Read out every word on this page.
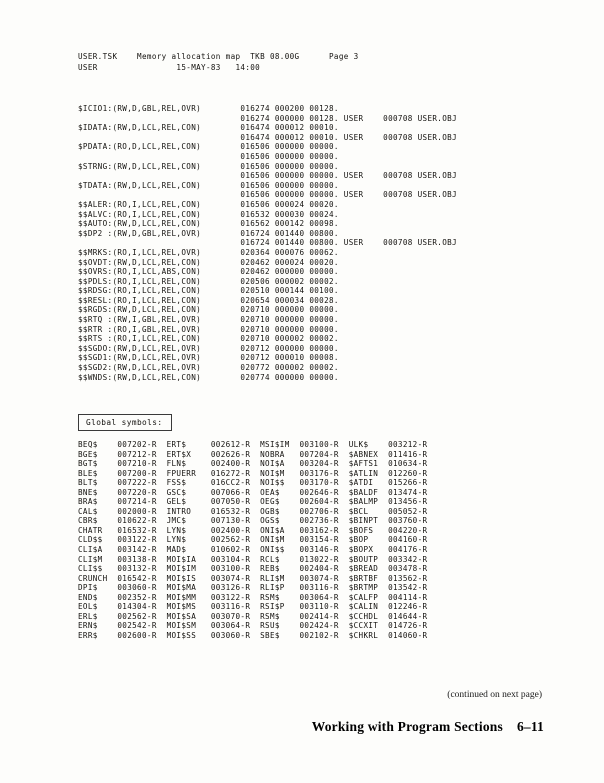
USER.TSK    Memory allocation map  TKB 08.00G      Page 3
USER                15-MAY-83   14:00
$ICIO1:(RW,D,GBL,REL,OVR)        016274 000200 00128.
016274 000000 00128. USER    000708 USER.OBJ
$IDATA:(RW,D,LCL,REL,CON)        016474 000012 00010.
016474 000012 00010. USER    000708 USER.OBJ
$PDATA:(RO,D,LCL,REL,CON)        016506 000000 00000.
016506 000000 00000.
$STRNG:(RW,D,LCL,REL,CON)        016506 000000 00000.
016506 000000 00000. USER    000708 USER.OBJ
$TDATA:(RW,D,LCL,REL,CON)        016506 000000 00000.
016506 000000 00000. USER    000708 USER.OBJ
$$ALER:(RO,I,LCL,REL,CON)        016506 000024 00020.
$$ALVC:(RO,I,LCL,REL,CON)        016532 000030 00024.
$$AUTO:(RW,D,LCL,REL,CON)        016562 000142 00098.
$$DP2 :(RW,D,GBL,REL,OVR)        016724 001440 00800.
016724 001440 00800. USER    000708 USER.OBJ
$$MRKS:(RO,I,LCL,REL,OVR)        020364 000076 00062.
$$OVDT:(RW,D,LCL,REL,CON)        020462 000024 00020.
$$OVRS:(RO,I,LCL,ABS,CON)        020462 000000 00000.
$$PDLS:(RO,I,LCL,REL,CON)        020506 000002 00002.
$$RDSG:(RO,I,LCL,REL,CON)        020510 000144 00100.
$$RESL:(RO,I,LCL,REL,CON)        020654 000034 00028.
$$RGDS:(RW,D,LCL,REL,CON)        020710 000000 00000.
$$RTQ :(RW,I,GBL,REL,OVR)        020710 000000 00000.
$$RTR :(RO,I,GBL,REL,OVR)        020710 000000 00000.
$$RTS :(RO,I,LCL,REL,CON)        020710 000002 00002.
$$SGDO:(RW,D,LCL,REL,OVR)        020712 000000 00000.
$$SGD1:(RW,D,LCL,REL,OVR)        020712 000010 00008.
$$SGD2:(RW,D,LCL,REL,OVR)        020772 000002 00002.
$$WNDS:(RW,D,LCL,REL,CON)        020774 000000 00000.
Global symbols:
BEQ$    007202-R  ERT$     002612-R  MSI$IM  003100-R  ULK$    003212-R
BGE$    007212-R  ERT$X    002626-R  NOBRA   007204-R  $ABNEX  011416-R
BGT$    007210-R  FLN$     002400-R  NOI$A   003204-R  $AFTS1  010634-R
BLE$    007200-R  FPUERR   016272-R  NOI$M   003176-R  $ATLIN  012260-R
BLT$    007222-R  FSS$     016CC2-R  NOI$$   003170-R  $ATDI   015266-R
BNE$    007220-R  GSC$     007066-R  OEA$    002646-R  $BALDF  013474-R
BRA$    007214-R  GEL$     007050-R  OEG$    002604-R  $BALMP  013456-R
CAL$    002000-R  INTRO    016532-R  OGB$    002706-R  $BCL    005052-R
CBR$    010622-R  JMC$     007130-R  OGS$    002736-R  $BINPT  003760-R
CHATR   016532-R  LYN$     002400-R  ONI$A   003162-R  $BOFS   004220-R
CLD$$   003122-R  LYN$     002562-R  ONI$M   003154-R  $BOP    004160-R
CLI$A   003142-R  MAD$     010602-R  ONI$$   003146-R  $BOPX   004176-R
CLI$M   003138-R  MOI$IA   003104-R  RCL$    013022-R  $BOUTP  003342-R
CLI$$   003132-R  MOI$IM   003100-R  REB$    002404-R  $BREAD  003478-R
CRUNCH  016542-R  MOI$IS   003074-R  RLI$M   003074-R  $BRTBF  013562-R
DPI$    003060-R  MOI$MA   003126-R  RLI$P   003116-R  $BRTMP  013542-R
END$    002352-R  MOI$MM   003122-R  RSM$    003064-R  $CALFP  004114-R
EOL$    014304-R  MOI$MS   003116-R  RSI$P   003110-R  $CALIN  012246-R
ERL$    002562-R  MOI$SA   003070-R  RSM$    002414-R  $CCHDL  014644-R
ERN$    002542-R  MOI$SM   003064-R  RSU$    002424-R  $CCXIT  014726-R
ERR$    002600-R  MOI$SS   003060-R  SBE$    002102-R  $CHKRL  014060-R
(continued on next page)
Working with Program Sections 6–11
